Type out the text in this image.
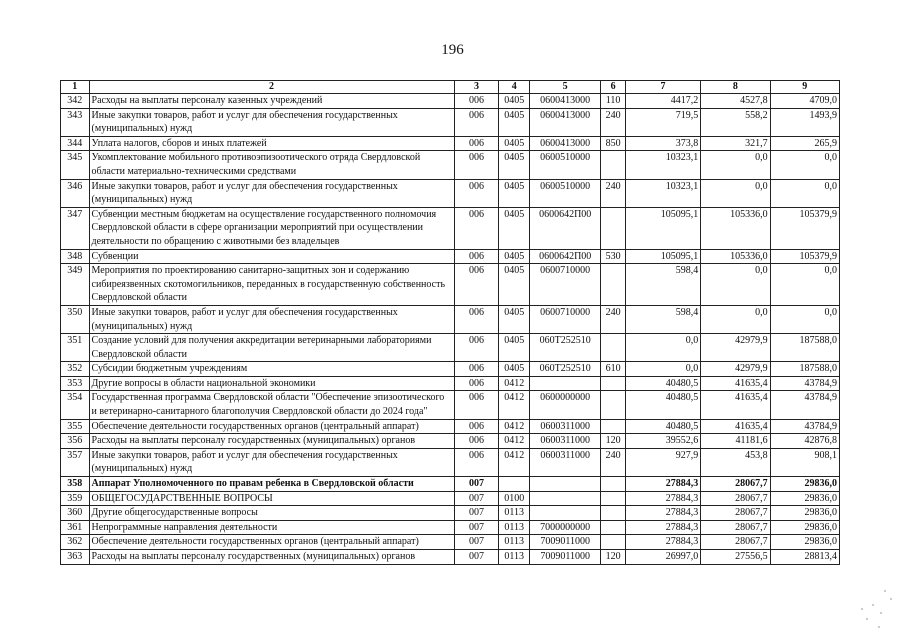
196
1	2	3	4	5	6	7	8	9
342	Расходы на выплаты персоналу казенных учреждений	006	0405	0600413000	110	4417,2	4527,8	4709,0
343	Иные закупки товаров, работ и услуг для обеспечения государственных (муниципальных) нужд	006	0405	0600413000	240	719,5	558,2	1493,9
344	Уплата налогов, сборов и иных платежей	006	0405	0600413000	850	373,8	321,7	265,9
345	Укомплектование мобильного противоэпизоотического отряда Свердловской области материально-техническими средствами	006	0405	0600510000		10323,1	0,0	0,0
346	Иные закупки товаров, работ и услуг для обеспечения государственных (муниципальных) нужд	006	0405	0600510000	240	10323,1	0,0	0,0
347	Субвенции местным бюджетам на осуществление государственного полномочия Свердловской области в сфере организации мероприятий при осуществлении деятельности по обращению с животными без владельцев	006	0405	0600642П00		105095,1	105336,0	105379,9
348	Субвенции	006	0405	0600642П00	530	105095,1	105336,0	105379,9
349	Мероприятия по проектированию санитарно-защитных зон и содержанию сибиреязвенных скотомогильников, переданных в государственную собственность Свердловской области	006	0405	0600710000		598,4	0,0	0,0
350	Иные закупки товаров, работ и услуг для обеспечения государственных (муниципальных) нужд	006	0405	0600710000	240	598,4	0,0	0,0
351	Создание условий для получения аккредитации ветеринарными лабораториями Свердловской области	006	0405	060Т252510		0,0	42979,9	187588,0
352	Субсидии бюджетным учреждениям	006	0405	060Т252510	610	0,0	42979,9	187588,0
353	Другие вопросы в области национальной экономики	006	0412			40480,5	41635,4	43784,9
354	Государственная программа Свердловской области "Обеспечение эпизоотического и ветеринарно-санитарного благополучия Свердловской области до 2024 года"	006	0412	0600000000		40480,5	41635,4	43784,9
355	Обеспечение деятельности государственных органов (центральный аппарат)	006	0412	0600311000		40480,5	41635,4	43784,9
356	Расходы на выплаты персоналу государственных (муниципальных) органов	006	0412	0600311000	120	39552,6	41181,6	42876,8
357	Иные закупки товаров, работ и услуг для обеспечения государственных (муниципальных) нужд	006	0412	0600311000	240	927,9	453,8	908,1
358	Аппарат Уполномоченного по правам ребенка в Свердловской области	007				27884,3	28067,7	29836,0
359	ОБЩЕГОСУДАРСТВЕННЫЕ ВОПРОСЫ	007	0100			27884,3	28067,7	29836,0
360	Другие общегосударственные вопросы	007	0113			27884,3	28067,7	29836,0
361	Непрограммные направления деятельности	007	0113	7000000000		27884,3	28067,7	29836,0
362	Обеспечение деятельности государственных органов (центральный аппарат)	007	0113	7009011000		27884,3	28067,7	29836,0
363	Расходы на выплаты персоналу государственных (муниципальных) органов	007	0113	7009011000	120	26997,0	27556,5	28813,4
